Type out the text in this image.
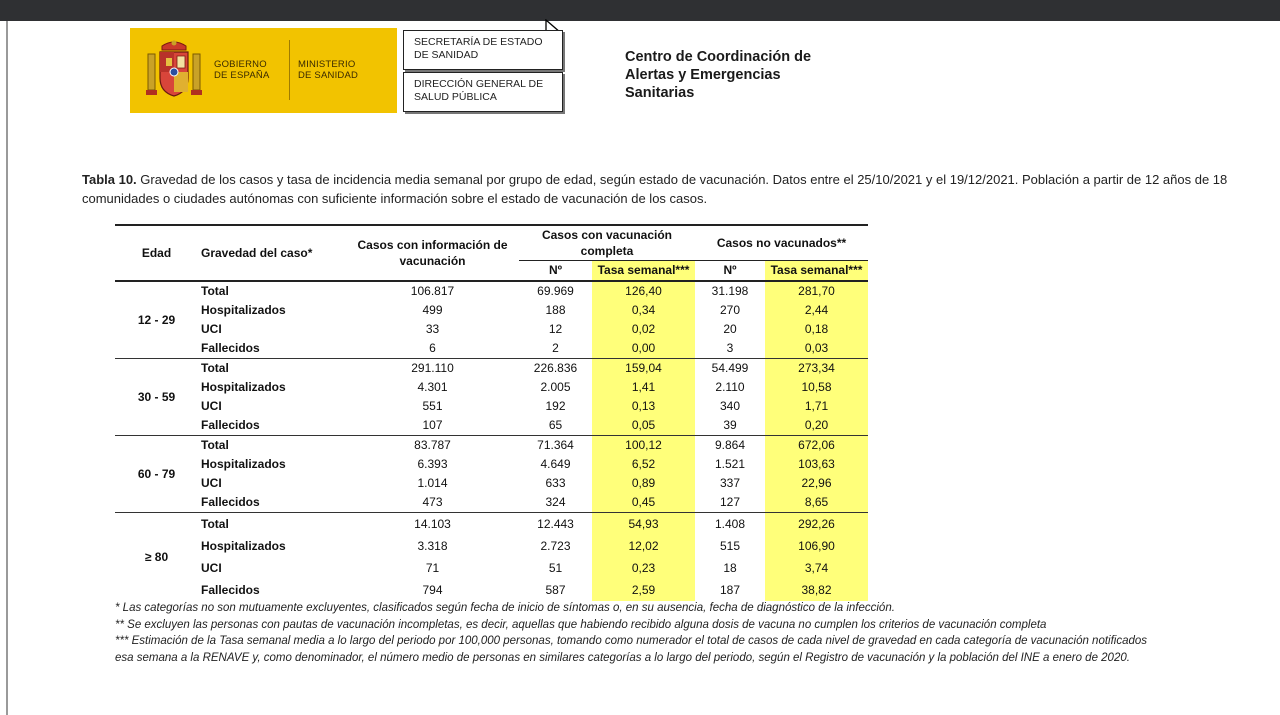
GOBIERNO
DE ESPAÑA
MINISTERIO
DE SANIDAD
SECRETARÍA DE ESTADO
DE SANIDAD
DIRECCIÓN GENERAL DE
SALUD PÚBLICA
Centro de Coordinación de
Alertas y Emergencias
Sanitarias
Tabla 10. Gravedad de los casos y tasa de incidencia media semanal por grupo de edad, según estado de vacunación. Datos entre el 25/10/2021 y el 19/12/2021. Población a partir de 12 años de 18 comunidades o ciudades autónomas con suficiente información sobre el estado de vacunación de los casos.
Edad	Gravedad del caso*	Casos con información de vacunación	Casos con vacunación completa		Casos no vacunados**	
			Nº	Tasa semanal***	Nº	Tasa semanal***
12 - 29	Total	106.817	69.969	126,40	31.198	281,70
	Hospitalizados	499	188	0,34	270	2,44
	UCI	33	12	0,02	20	0,18
	Fallecidos	6	2	0,00	3	0,03
30 - 59	Total	291.110	226.836	159,04	54.499	273,34
	Hospitalizados	4.301	2.005	1,41	2.110	10,58
	UCI	551	192	0,13	340	1,71
	Fallecidos	107	65	0,05	39	0,20
60 - 79	Total	83.787	71.364	100,12	9.864	672,06
	Hospitalizados	6.393	4.649	6,52	1.521	103,63
	UCI	1.014	633	0,89	337	22,96
	Fallecidos	473	324	0,45	127	8,65
≥ 80	Total	14.103	12.443	54,93	1.408	292,26
	Hospitalizados	3.318	2.723	12,02	515	106,90
	UCI	71	51	0,23	18	3,74
	Fallecidos	794	587	2,59	187	38,82
* Las categorías no son mutuamente excluyentes, clasificados según fecha de inicio de síntomas o, en su ausencia, fecha de diagnóstico de la infección.
** Se excluyen las personas con pautas de vacunación incompletas, es decir, aquellas que habiendo recibido alguna dosis de vacuna no cumplen los criterios de vacunación completa
*** Estimación de la Tasa semanal media a lo largo del periodo por 100,000 personas, tomando como numerador el total de casos de cada nivel de gravedad en cada categoría de vacunación notificados
esa semana a la RENAVE y, como denominador, el número medio de personas en similares categorías a lo largo del periodo, según el Registro de vacunación y la población del INE a enero de 2020.
